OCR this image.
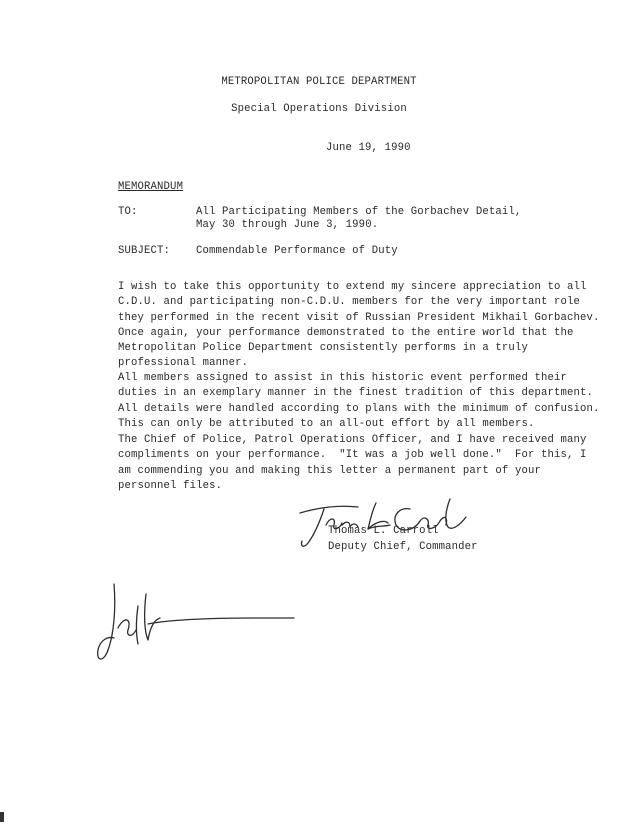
METROPOLITAN POLICE DEPARTMENT
Special Operations Division
June 19, 1990
MEMORANDUM
TO:	All Participating Members of the Gorbachev Detail,
May 30 through June 3, 1990.
SUBJECT: Commendable Performance of Duty
I wish to take this opportunity to extend my sincere appreciation to all
C.D.U. and participating non-C.D.U. members for the very important role
they performed in the recent visit of Russian President Mikhail Gorbachev.
Once again, your performance demonstrated to the entire world that the
Metropolitan Police Department consistently performs in a truly
professional manner.
All members assigned to assist in this historic event performed their
duties in an exemplary manner in the finest tradition of this department.
All details were handled according to plans with the minimum of confusion.
This can only be attributed to an all-out effort by all members.
The Chief of Police, Patrol Operations Officer, and I have received many
compliments on your performance.  "It was a job well done."  For this, I
am commending you and making this letter a permanent part of your
personnel files.
Thomas L. Carroll
Deputy Chief, Commander
